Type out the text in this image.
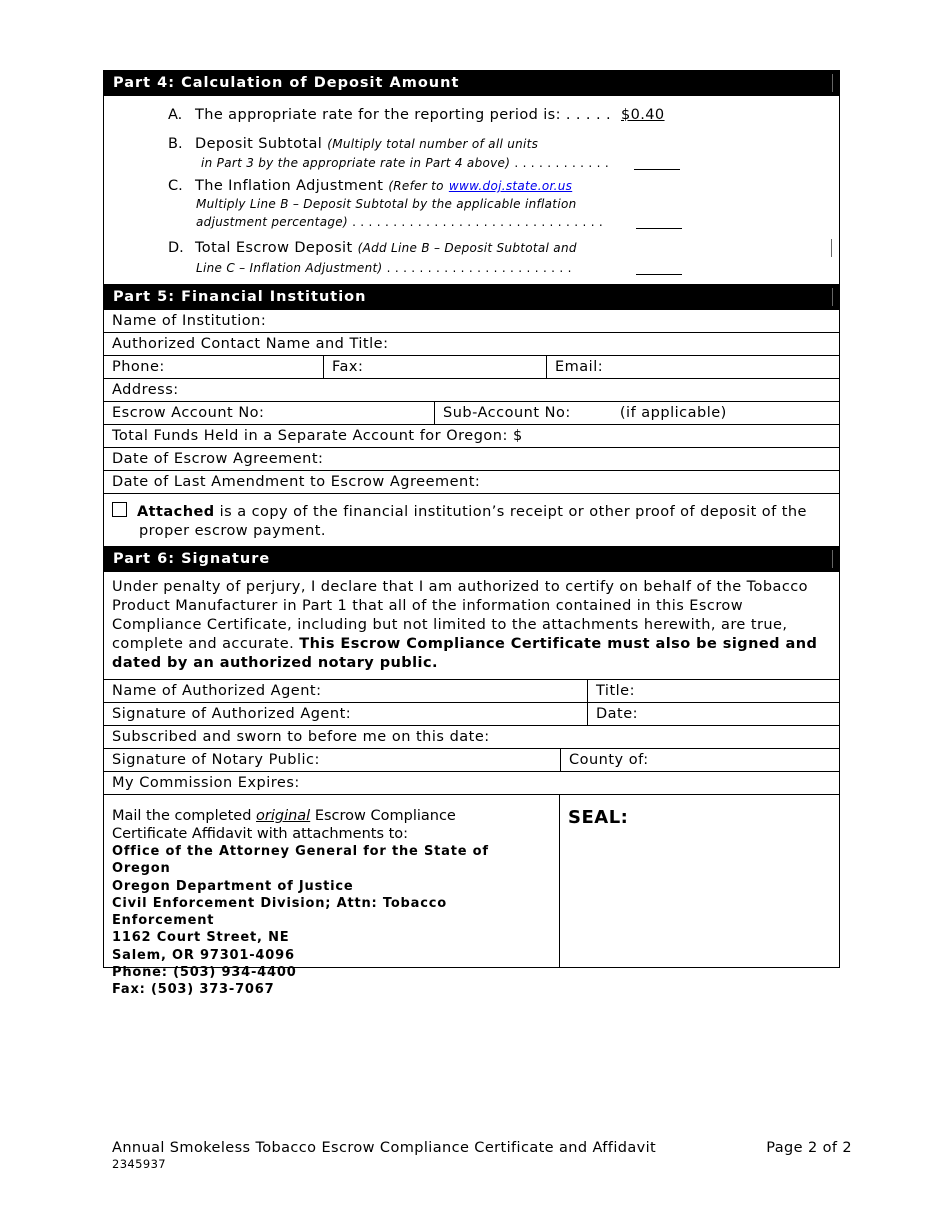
Part 4: Calculation of Deposit Amount
A. The appropriate rate for the reporting period is: . . . . . $0.40
B. Deposit Subtotal (Multiply total number of all units
in Part 3 by the appropriate rate in Part 4 above) . . . . . . . . . . . .
C. The Inflation Adjustment (Refer to www.doj.state.or.us
Multiply Line B – Deposit Subtotal by the applicable inflation
adjustment percentage) . . . . . . . . . . . . . . . . . . . . . . . . . . . . . . .
D. Total Escrow Deposit (Add Line B – Deposit Subtotal and
Line C – Inflation Adjustment) . . . . . . . . . . . . . . . . . . . . . . .
Part 5: Financial Institution
Name of Institution:
Authorized Contact Name and Title:
Phone:	Fax:	Email:
Address:
Escrow Account No:	Sub-Account No:	(if applicable)
Total Funds Held in a Separate Account for Oregon: $
Date of Escrow Agreement:
Date of Last Amendment to Escrow Agreement:
Attached is a copy of the financial institution’s receipt or other proof of deposit of the
proper escrow payment.
Part 6: Signature
Under penalty of perjury, I declare that I am authorized to certify on behalf of the Tobacco Product Manufacturer in Part 1 that all of the information contained in this Escrow Compliance Certificate, including but not limited to the attachments herewith, are true, complete and accurate. This Escrow Compliance Certificate must also be signed and dated by an authorized notary public.
Name of Authorized Agent:	Title:
Signature of Authorized Agent:	Date:
Subscribed and sworn to before me on this date:
Signature of Notary Public:	County of:
My Commission Expires:
Mail the completed original Escrow Compliance
Certificate Affidavit with attachments to:
Office of the Attorney General for the State of Oregon
Oregon Department of Justice
Civil Enforcement Division; Attn: Tobacco Enforcement
1162 Court Street, NE
Salem, OR 97301-4096
Phone: (503) 934-4400
Fax: (503) 373-7067
SEAL:
Annual Smokeless Tobacco Escrow Compliance Certificate and Affidavit
2345937
Page 2 of 2
